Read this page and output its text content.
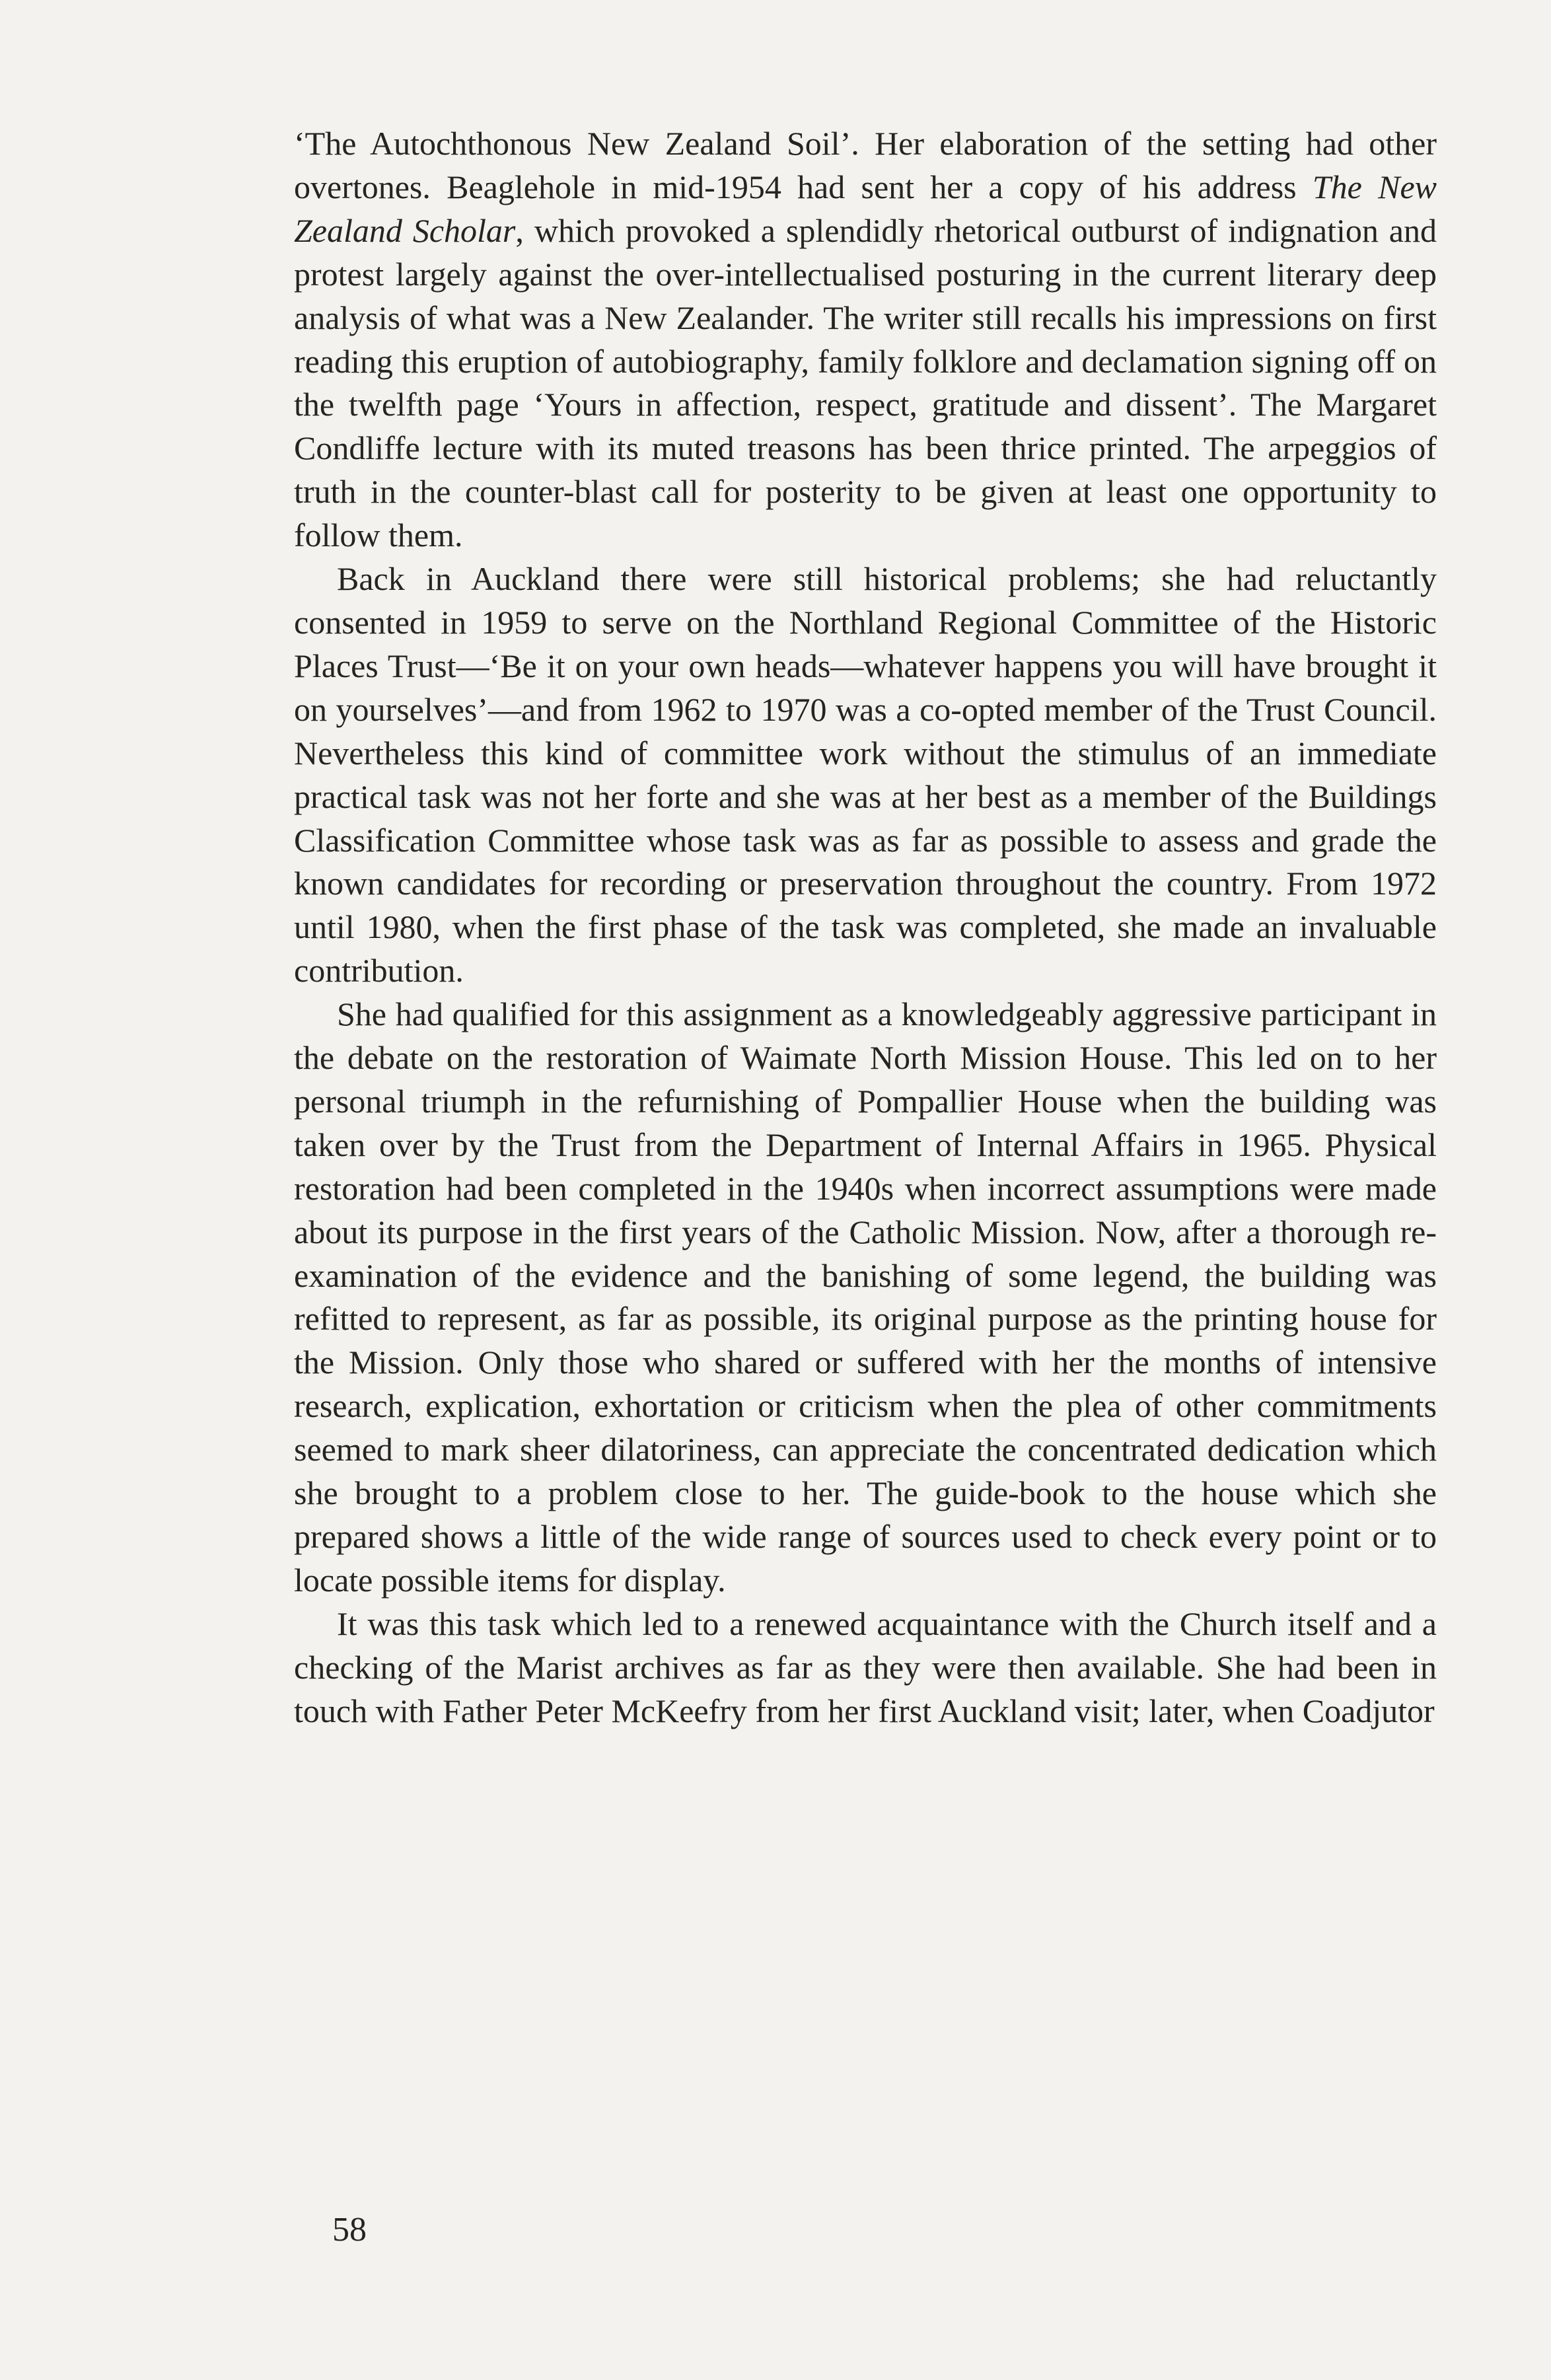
‘The Autochthonous New Zealand Soil’. Her elaboration of the setting had other overtones. Beaglehole in mid-1954 had sent her a copy of his address The New Zealand Scholar, which provoked a splendidly rhetorical outburst of indignation and protest largely against the over-intellectualised posturing in the current literary deep analysis of what was a New Zealander. The writer still recalls his impressions on first reading this eruption of autobiography, family folklore and declamation signing off on the twelfth page ‘Yours in affection, respect, gratitude and dissent’. The Margaret Condliffe lecture with its muted treasons has been thrice printed. The arpeggios of truth in the counter-blast call for posterity to be given at least one opportunity to follow them.

Back in Auckland there were still historical problems; she had reluctantly consented in 1959 to serve on the Northland Regional Committee of the Historic Places Trust—‘Be it on your own heads—whatever happens you will have brought it on yourselves’—and from 1962 to 1970 was a co-opted member of the Trust Council. Nevertheless this kind of committee work without the stimulus of an immediate practical task was not her forte and she was at her best as a member of the Buildings Classification Committee whose task was as far as possible to assess and grade the known candidates for recording or preservation throughout the country. From 1972 until 1980, when the first phase of the task was completed, she made an invaluable contribution.

She had qualified for this assignment as a knowledgeably aggressive participant in the debate on the restoration of Waimate North Mission House. This led on to her personal triumph in the refurnishing of Pompallier House when the building was taken over by the Trust from the Department of Internal Affairs in 1965. Physical restoration had been completed in the 1940s when incorrect assumptions were made about its purpose in the first years of the Catholic Mission. Now, after a thorough re-examination of the evidence and the banishing of some legend, the building was refitted to represent, as far as possible, its original purpose as the printing house for the Mission. Only those who shared or suffered with her the months of intensive research, explication, exhortation or criticism when the plea of other commitments seemed to mark sheer dilatoriness, can appreciate the concentrated dedication which she brought to a problem close to her. The guide-book to the house which she prepared shows a little of the wide range of sources used to check every point or to locate possible items for display.

It was this task which led to a renewed acquaintance with the Church itself and a checking of the Marist archives as far as they were then available. She had been in touch with Father Peter McKeefry from her first Auckland visit; later, when Coadjutor

58
